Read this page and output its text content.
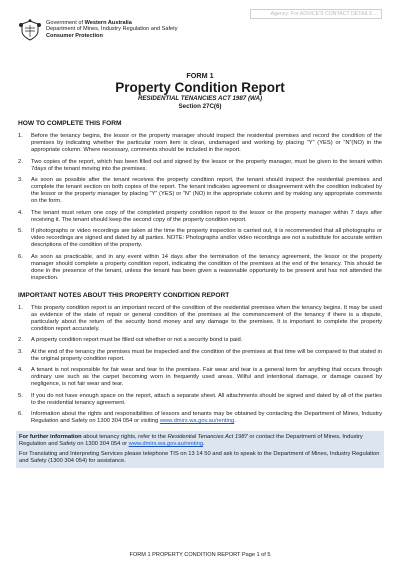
Agency: For ADVICE'S CONTACT DETAILS ...
Government of Western Australia
Department of Mines, Industry Regulation and Safety
Consumer Protection
FORM 1
Property Condition Report
RESIDENTIAL TENANCIES ACT 1987 (WA)
Section 27C(6)
HOW TO COMPLETE THIS FORM
1.	Before the tenancy begins, the lessor or the property manager should inspect the residential premises and record the condition of the premises by indicating whether the particular room item is clean, undamaged and working by placing “Y” (YES) or “N”(NO) in the appropriate column. Where necessary, comments should be included in the report.
2.	Two copies of the report, which has been filled out and signed by the lessor or the property manager, must be given to the tenant within 7days of the tenant moving into the premises.
3.	As soon as possible after the tenant receives the property condition report, the tenant should inspect the residential premises and complete the tenant section on both copies of the report. The tenant indicates agreement or disagreement with the condition indicated by the lessor or the property manager by placing “Y” (YES) or “N” (NO) in the appropriate column and by making any appropriate comments on the form.
4.	The tenant must return one copy of the completed property condition report to the lessor or the property manager within 7 days after receiving it. The tenant should keep the second copy of the property condition report.
5.	If photographs or video recordings are taken at the time the property inspection is carried out, it is recommended that all photographs or video recordings are signed and dated by all parties. NOTE: Photographs and/or video recordings are not a substitute for accurate written descriptions of the condition of the property.
6.	As soon as practicable, and in any event within 14 days after the termination of the tenancy agreement, the lessor or the property manager should complete a property condition report, indicating the condition of the premises at the end of the tenancy. This should be done in the presence of the tenant, unless the tenant has been given a reasonable opportunity to be present and has not attended the inspection.
IMPORTANT NOTES ABOUT THIS PROPERTY CONDITION REPORT
1.	This property condition report is an important record of the condition of the residential premises when the tenancy begins. It may be used as evidence of the state of repair or general condition of the premises at the commencement of the tenancy if there is a dispute, particularly about the return of the security bond money and any damage to the premises. It is important to complete the property condition report accurately.
2.	A property condition report must be filled out whether or not a security bond is paid.
3.	At the end of the tenancy the premises must be inspected and the condition of the premises at that time will be compared to that stated in the original property condition report.
4.	A tenant is not responsible for fair wear and tear to the premises. Fair wear and tear is a general term for anything that occurs through ordinary use such as the carpet becoming worn in frequently used areas. Wilful and intentional damage, or damage caused by negligence, is not fair wear and tear.
5.	If you do not have enough space on the report, attach a separate sheet. All attachments should be signed and dated by all of the parties to the residential tenancy agreement.
6.	Information about the rights and responsibilities of lessors and tenants may be obtained by contacting the Department of Mines, Industry Regulation and Safety on 1300 304 054 or visiting www.dmirs.wa.gov.au/renting.

For further information about tenancy rights, refer to the Residential Tenancies Act 1987 or contact the Department of Mines, Industry Regulation and Safety on 1300 304 054 or www.dmirs.wa.gov.au/renting.

For Translating and Interpreting Services please telephone TIS on 13 14 50 and ask to speak to the Department of Mines, Industry Regulation and Safety (1300 304 054) for assistance.

FORM 1 PROPERTY CONDITION REPORT Page 1 of 5
